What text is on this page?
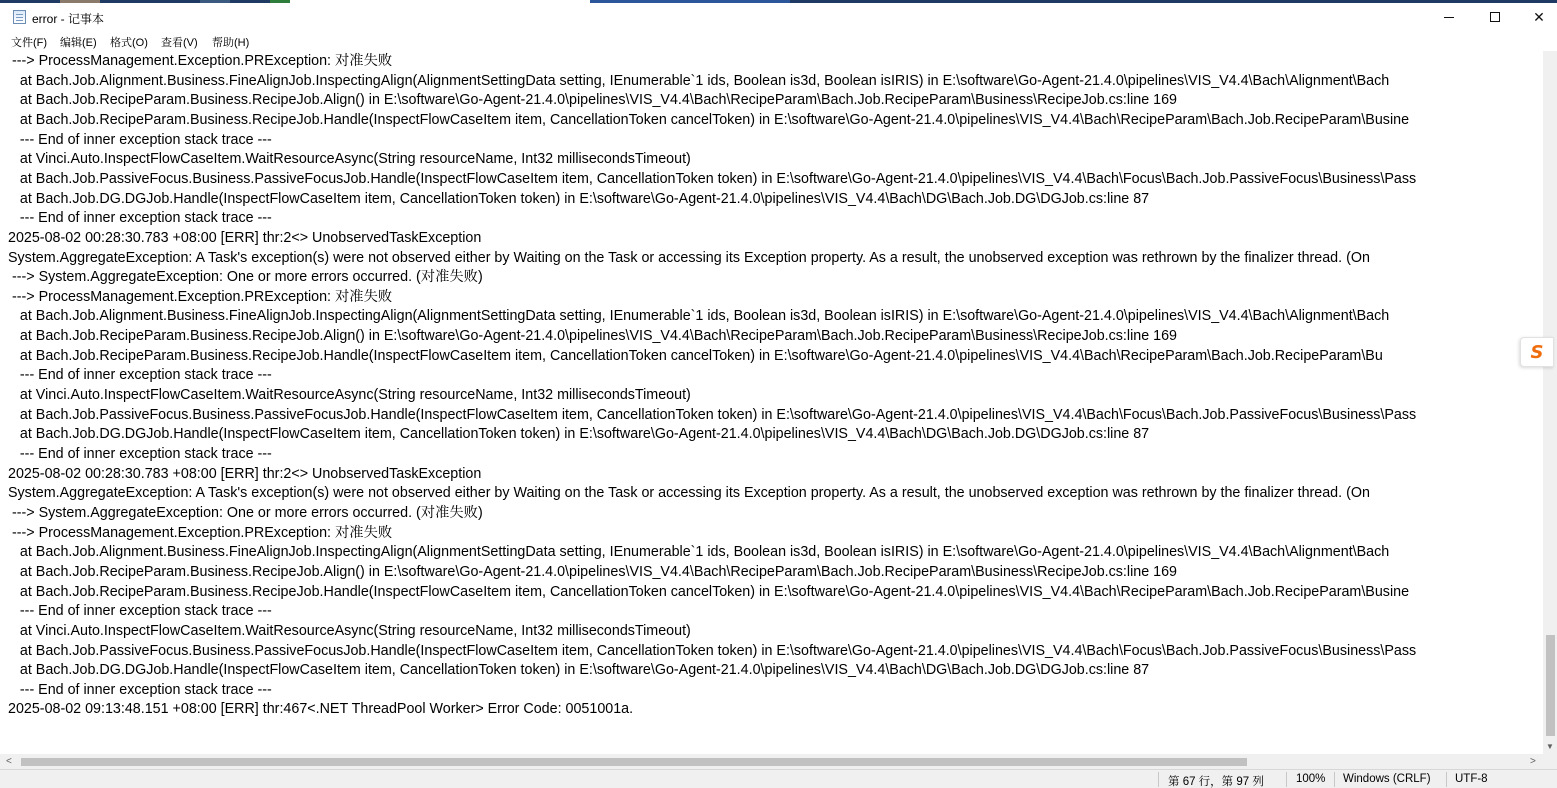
error - 记事本	✕
文件(F) 编辑(E) 格式(O) 查看(V) 帮助(H)
---> ProcessManagement.Exception.PRException: 对准失败
at Bach.Job.Alignment.Business.FineAlignJob.InspectingAlign(AlignmentSettingData setting, IEnumerable`1 ids, Boolean is3d, Boolean isIRIS) in E:\software\Go-Agent-21.4.0\pipelines\VIS_V4.4\Bach\Alignment\Bach
at Bach.Job.RecipeParam.Business.RecipeJob.Align() in E:\software\Go-Agent-21.4.0\pipelines\VIS_V4.4\Bach\RecipeParam\Bach.Job.RecipeParam\Business\RecipeJob.cs:line 169
at Bach.Job.RecipeParam.Business.RecipeJob.Handle(InspectFlowCaseItem item, CancellationToken cancelToken) in E:\software\Go-Agent-21.4.0\pipelines\VIS_V4.4\Bach\RecipeParam\Bach.Job.RecipeParam\Busine
--- End of inner exception stack trace ---
at Vinci.Auto.InspectFlowCaseItem.WaitResourceAsync(String resourceName, Int32 millisecondsTimeout)
at Bach.Job.PassiveFocus.Business.PassiveFocusJob.Handle(InspectFlowCaseItem item, CancellationToken token) in E:\software\Go-Agent-21.4.0\pipelines\VIS_V4.4\Bach\Focus\Bach.Job.PassiveFocus\Business\Pass
at Bach.Job.DG.DGJob.Handle(InspectFlowCaseItem item, CancellationToken token) in E:\software\Go-Agent-21.4.0\pipelines\VIS_V4.4\Bach\DG\Bach.Job.DG\DGJob.cs:line 87
--- End of inner exception stack trace ---
2025-08-02 00:28:30.783 +08:00 [ERR] thr:2<> UnobservedTaskException
System.AggregateException: A Task's exception(s) were not observed either by Waiting on the Task or accessing its Exception property. As a result, the unobserved exception was rethrown by the finalizer thread. (On
---> System.AggregateException: One or more errors occurred. (对准失败)
---> ProcessManagement.Exception.PRException: 对准失败
at Bach.Job.Alignment.Business.FineAlignJob.InspectingAlign(AlignmentSettingData setting, IEnumerable`1 ids, Boolean is3d, Boolean isIRIS) in E:\software\Go-Agent-21.4.0\pipelines\VIS_V4.4\Bach\Alignment\Bach
at Bach.Job.RecipeParam.Business.RecipeJob.Align() in E:\software\Go-Agent-21.4.0\pipelines\VIS_V4.4\Bach\RecipeParam\Bach.Job.RecipeParam\Business\RecipeJob.cs:line 169
at Bach.Job.RecipeParam.Business.RecipeJob.Handle(InspectFlowCaseItem item, CancellationToken cancelToken) in E:\software\Go-Agent-21.4.0\pipelines\VIS_V4.4\Bach\RecipeParam\Bach.Job.RecipeParam\Bu
--- End of inner exception stack trace ---
at Vinci.Auto.InspectFlowCaseItem.WaitResourceAsync(String resourceName, Int32 millisecondsTimeout)
at Bach.Job.PassiveFocus.Business.PassiveFocusJob.Handle(InspectFlowCaseItem item, CancellationToken token) in E:\software\Go-Agent-21.4.0\pipelines\VIS_V4.4\Bach\Focus\Bach.Job.PassiveFocus\Business\Pass
at Bach.Job.DG.DGJob.Handle(InspectFlowCaseItem item, CancellationToken token) in E:\software\Go-Agent-21.4.0\pipelines\VIS_V4.4\Bach\DG\Bach.Job.DG\DGJob.cs:line 87
--- End of inner exception stack trace ---
2025-08-02 00:28:30.783 +08:00 [ERR] thr:2<> UnobservedTaskException
System.AggregateException: A Task's exception(s) were not observed either by Waiting on the Task or accessing its Exception property. As a result, the unobserved exception was rethrown by the finalizer thread. (On
---> System.AggregateException: One or more errors occurred. (对准失败)
---> ProcessManagement.Exception.PRException: 对准失败
at Bach.Job.Alignment.Business.FineAlignJob.InspectingAlign(AlignmentSettingData setting, IEnumerable`1 ids, Boolean is3d, Boolean isIRIS) in E:\software\Go-Agent-21.4.0\pipelines\VIS_V4.4\Bach\Alignment\Bach
at Bach.Job.RecipeParam.Business.RecipeJob.Align() in E:\software\Go-Agent-21.4.0\pipelines\VIS_V4.4\Bach\RecipeParam\Bach.Job.RecipeParam\Business\RecipeJob.cs:line 169
at Bach.Job.RecipeParam.Business.RecipeJob.Handle(InspectFlowCaseItem item, CancellationToken cancelToken) in E:\software\Go-Agent-21.4.0\pipelines\VIS_V4.4\Bach\RecipeParam\Bach.Job.RecipeParam\Busine
--- End of inner exception stack trace ---
at Vinci.Auto.InspectFlowCaseItem.WaitResourceAsync(String resourceName, Int32 millisecondsTimeout)
at Bach.Job.PassiveFocus.Business.PassiveFocusJob.Handle(InspectFlowCaseItem item, CancellationToken token) in E:\software\Go-Agent-21.4.0\pipelines\VIS_V4.4\Bach\Focus\Bach.Job.PassiveFocus\Business\Pass
at Bach.Job.DG.DGJob.Handle(InspectFlowCaseItem item, CancellationToken token) in E:\software\Go-Agent-21.4.0\pipelines\VIS_V4.4\Bach\DG\Bach.Job.DG\DGJob.cs:line 87
--- End of inner exception stack trace ---
2025-08-02 09:13:48.151 +08:00 [ERR] thr:467<.NET ThreadPool Worker> Error Code: 0051001a.
▼
<	>
第 67 行，第 97 列	100% Windows (CRLF) UTF-8
S
